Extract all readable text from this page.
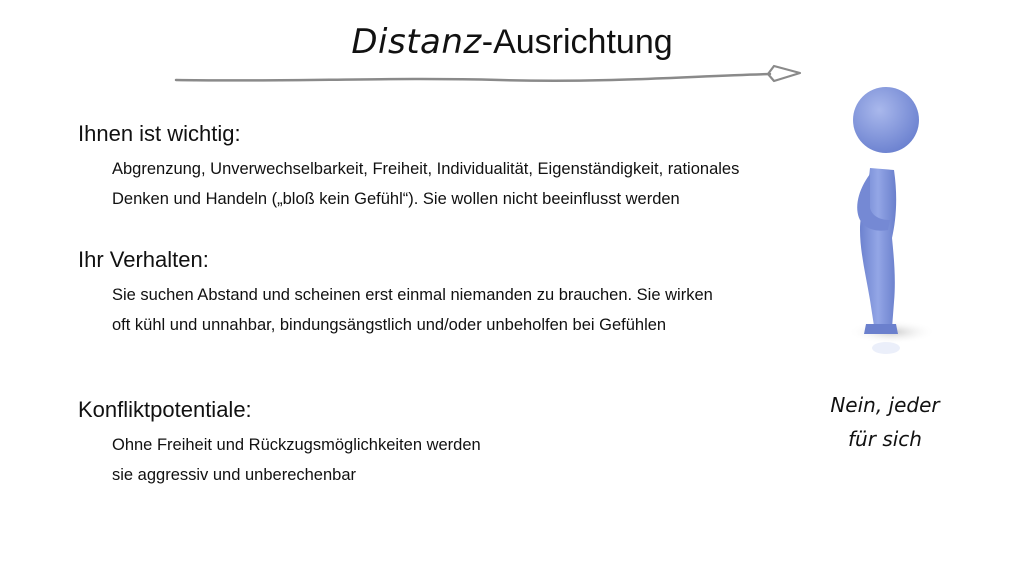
Distanz-Ausrichtung

Ihnen ist wichtig:

Abgrenzung, Unverwechselbarkeit, Freiheit, Individualität, Eigenständigkeit, rationales
Denken und Handeln („bloß kein Gefühl“). Sie wollen nicht beeinflusst werden

Ihr Verhalten:

Sie suchen Abstand und scheinen erst einmal niemanden zu brauchen. Sie wirken
oft kühl und unnahbar, bindungsängstlich und/oder unbeholfen bei Gefühlen

Konfliktpotentiale:

Ohne Freiheit und Rückzugsmöglichkeiten werden
sie aggressiv und unberechenbar
Nein, jeder
für sich
